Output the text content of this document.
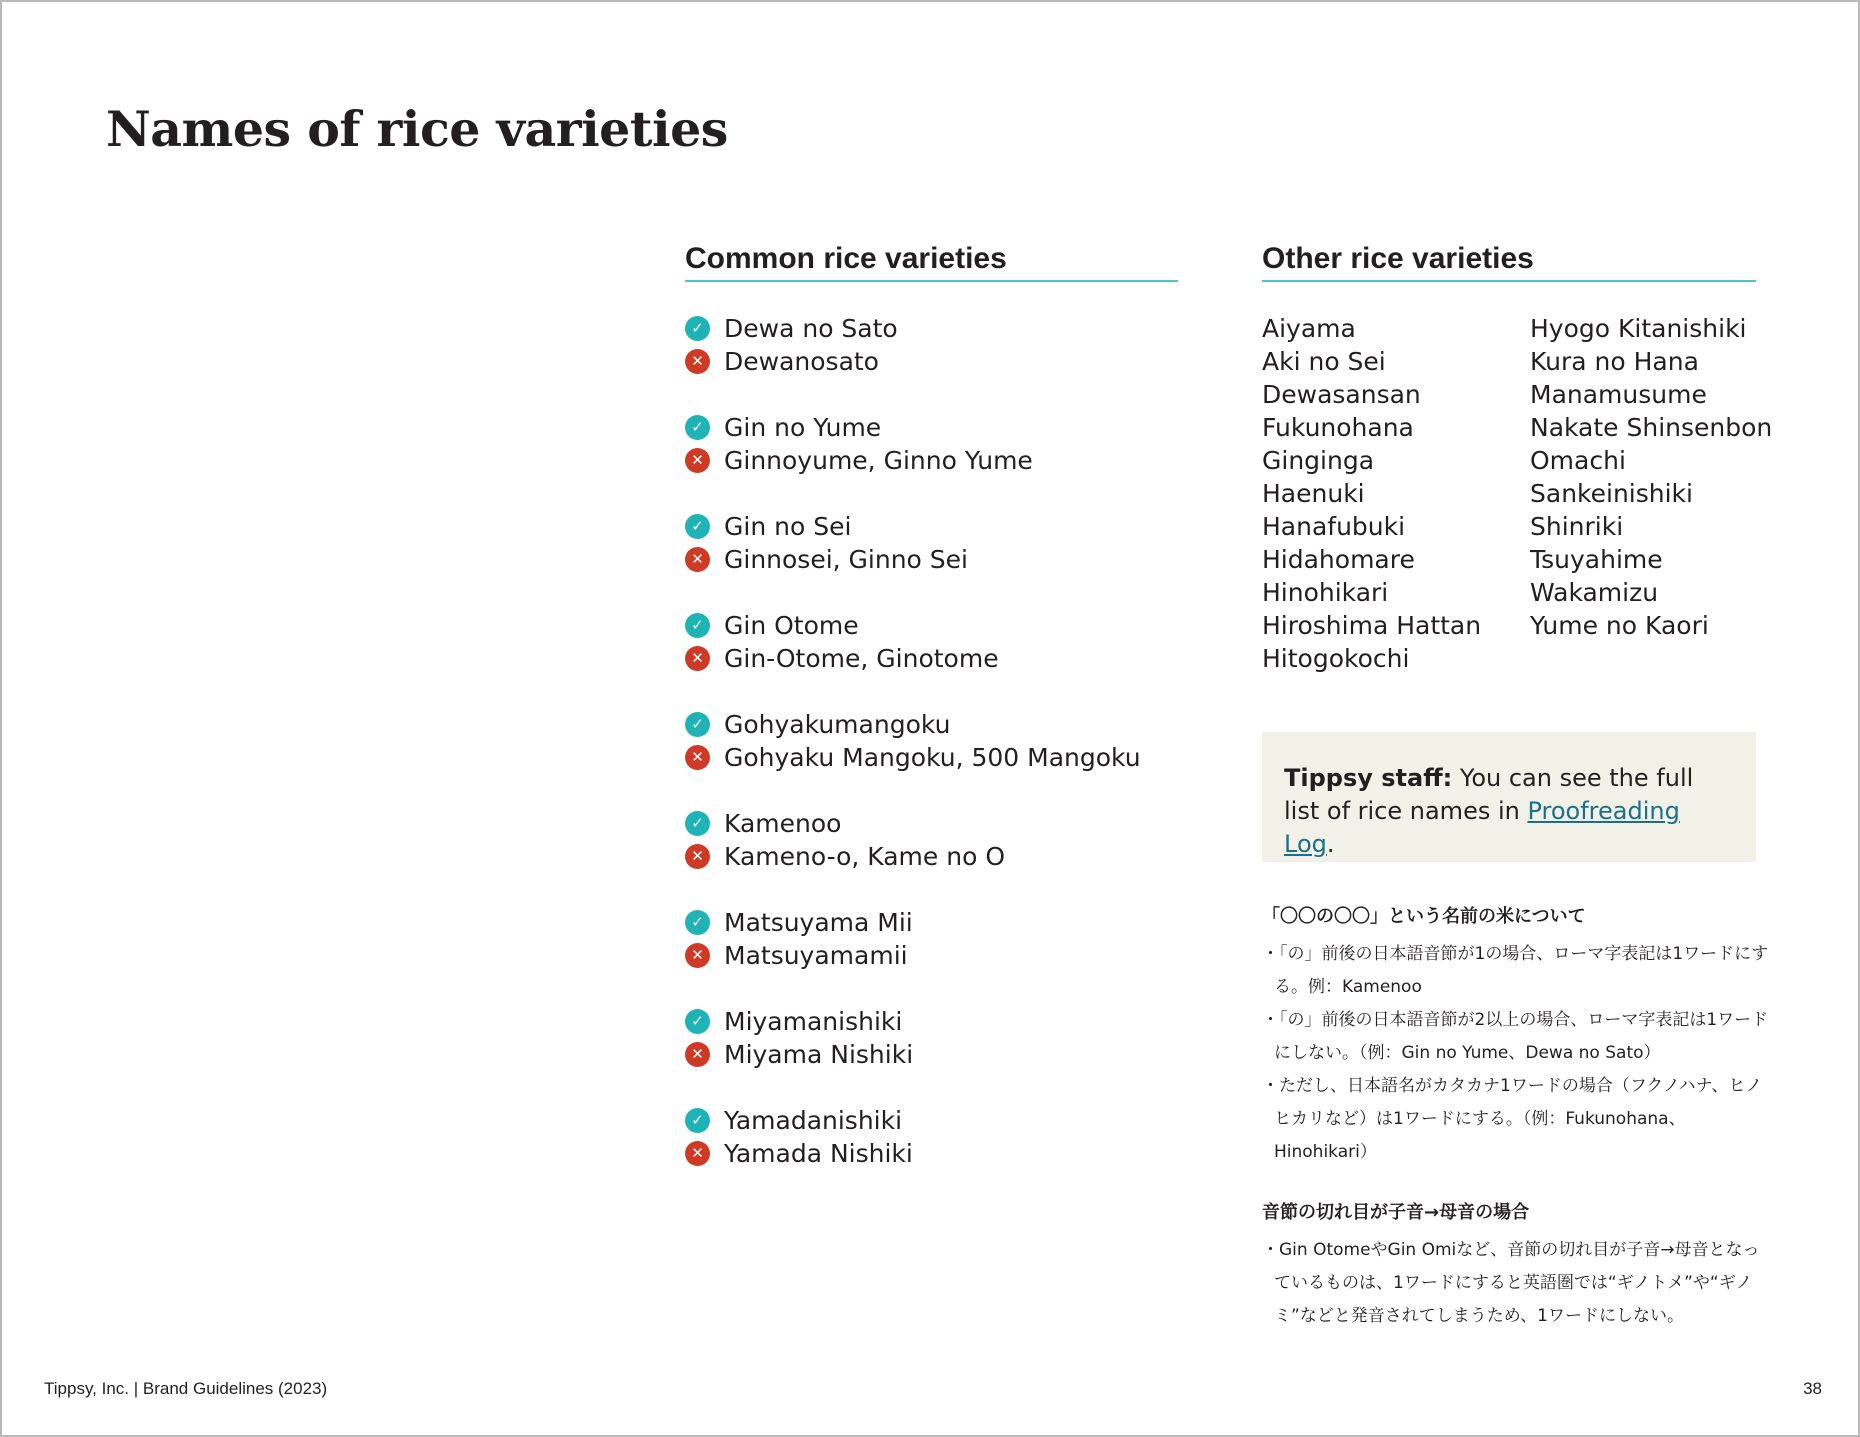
Names of rice varieties
Common rice varieties	Other rice varieties
✓ Dewa no Sato
✕ Dewanosato
✓ Gin no Yume
✕ Ginnoyume, Ginno Yume
✓ Gin no Sei
✕ Ginnosei, Ginno Sei
✓ Gin Otome
✕ Gin-Otome, Ginotome
✓ Gohyakumangoku
✕ Gohyaku Mangoku, 500 Mangoku
✓ Kamenoo
✕ Kameno-o, Kame no O
✓ Matsuyama Mii
✕ Matsuyamamii
✓ Miyamanishiki
✕ Miyama Nishiki
✓ Yamadanishiki
✕ Yamada Nishiki
Aiyama
Aki no Sei
Dewasansan
Fukunohana
Ginginga
Haenuki
Hanafubuki
Hidahomare
Hinohikari
Hiroshima Hattan
Hitogokochi
Hyogo Kitanishiki
Kura no Hana
Manamusume
Nakate Shinsenbon
Omachi
Sankeinishiki
Shinriki
Tsuyahime
Wakamizu
Yume no Kaori
Tippsy staff: You can see the full list of rice names in Proofreading Log.
「〇〇の〇〇」という名前の米について

・「の」前後の日本語音節が1の場合、ローマ字表記は1ワードにする。例：Kamenoo

・「の」前後の日本語音節が2以上の場合、ローマ字表記は1ワードにしない。（例：Gin no Yume、Dewa no Sato）

・ただし、日本語名がカタカナ1ワードの場合（フクノハナ、ヒノヒカリなど）は1ワードにする。（例：Fukunohana、Hinohikari）

音節の切れ目が子音→母音の場合

・Gin OtomeやGin Omiなど、音節の切れ目が子音→母音となっているものは、1ワードにすると英語圏では“ギノトメ”や“ギノミ”などと発音されてしまうため、1ワードにしない。

Tippsy, Inc. | Brand Guidelines (2023)	38
